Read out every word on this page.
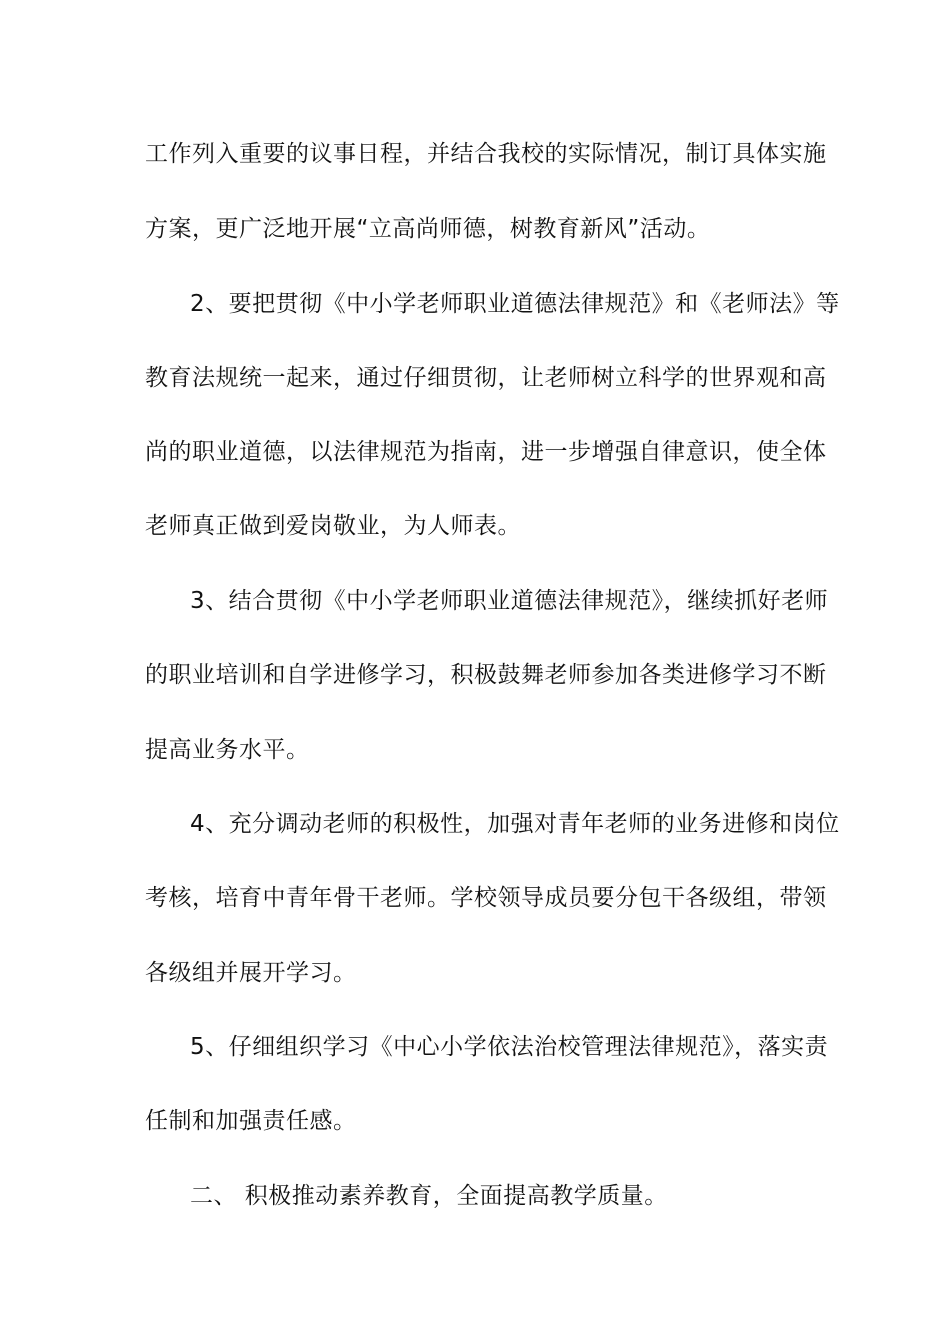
工作列入重要的议事日程，并结合我校的实际情况，制订具体实施
方案，更广泛地开展“立高尚师德，树教育新风”活动。
2、要把贯彻《中小学老师职业道德法律规范》和《老师法》等
教育法规统一起来，通过仔细贯彻，让老师树立科学的世界观和高
尚的职业道德，以法律规范为指南，进一步增强自律意识，使全体
老师真正做到爱岗敬业，为人师表。
3、结合贯彻《中小学老师职业道德法律规范》，继续抓好老师
的职业培训和自学进修学习，积极鼓舞老师参加各类进修学习不断
提高业务水平。
4、充分调动老师的积极性，加强对青年老师的业务进修和岗位
考核，培育中青年骨干老师。学校领导成员要分包干各级组，带领
各级组并展开学习。
5、仔细组织学习《中心小学依法治校管理法律规范》，落实责
任制和加强责任感。
二、 积极推动素养教育，全面提高教学质量。
